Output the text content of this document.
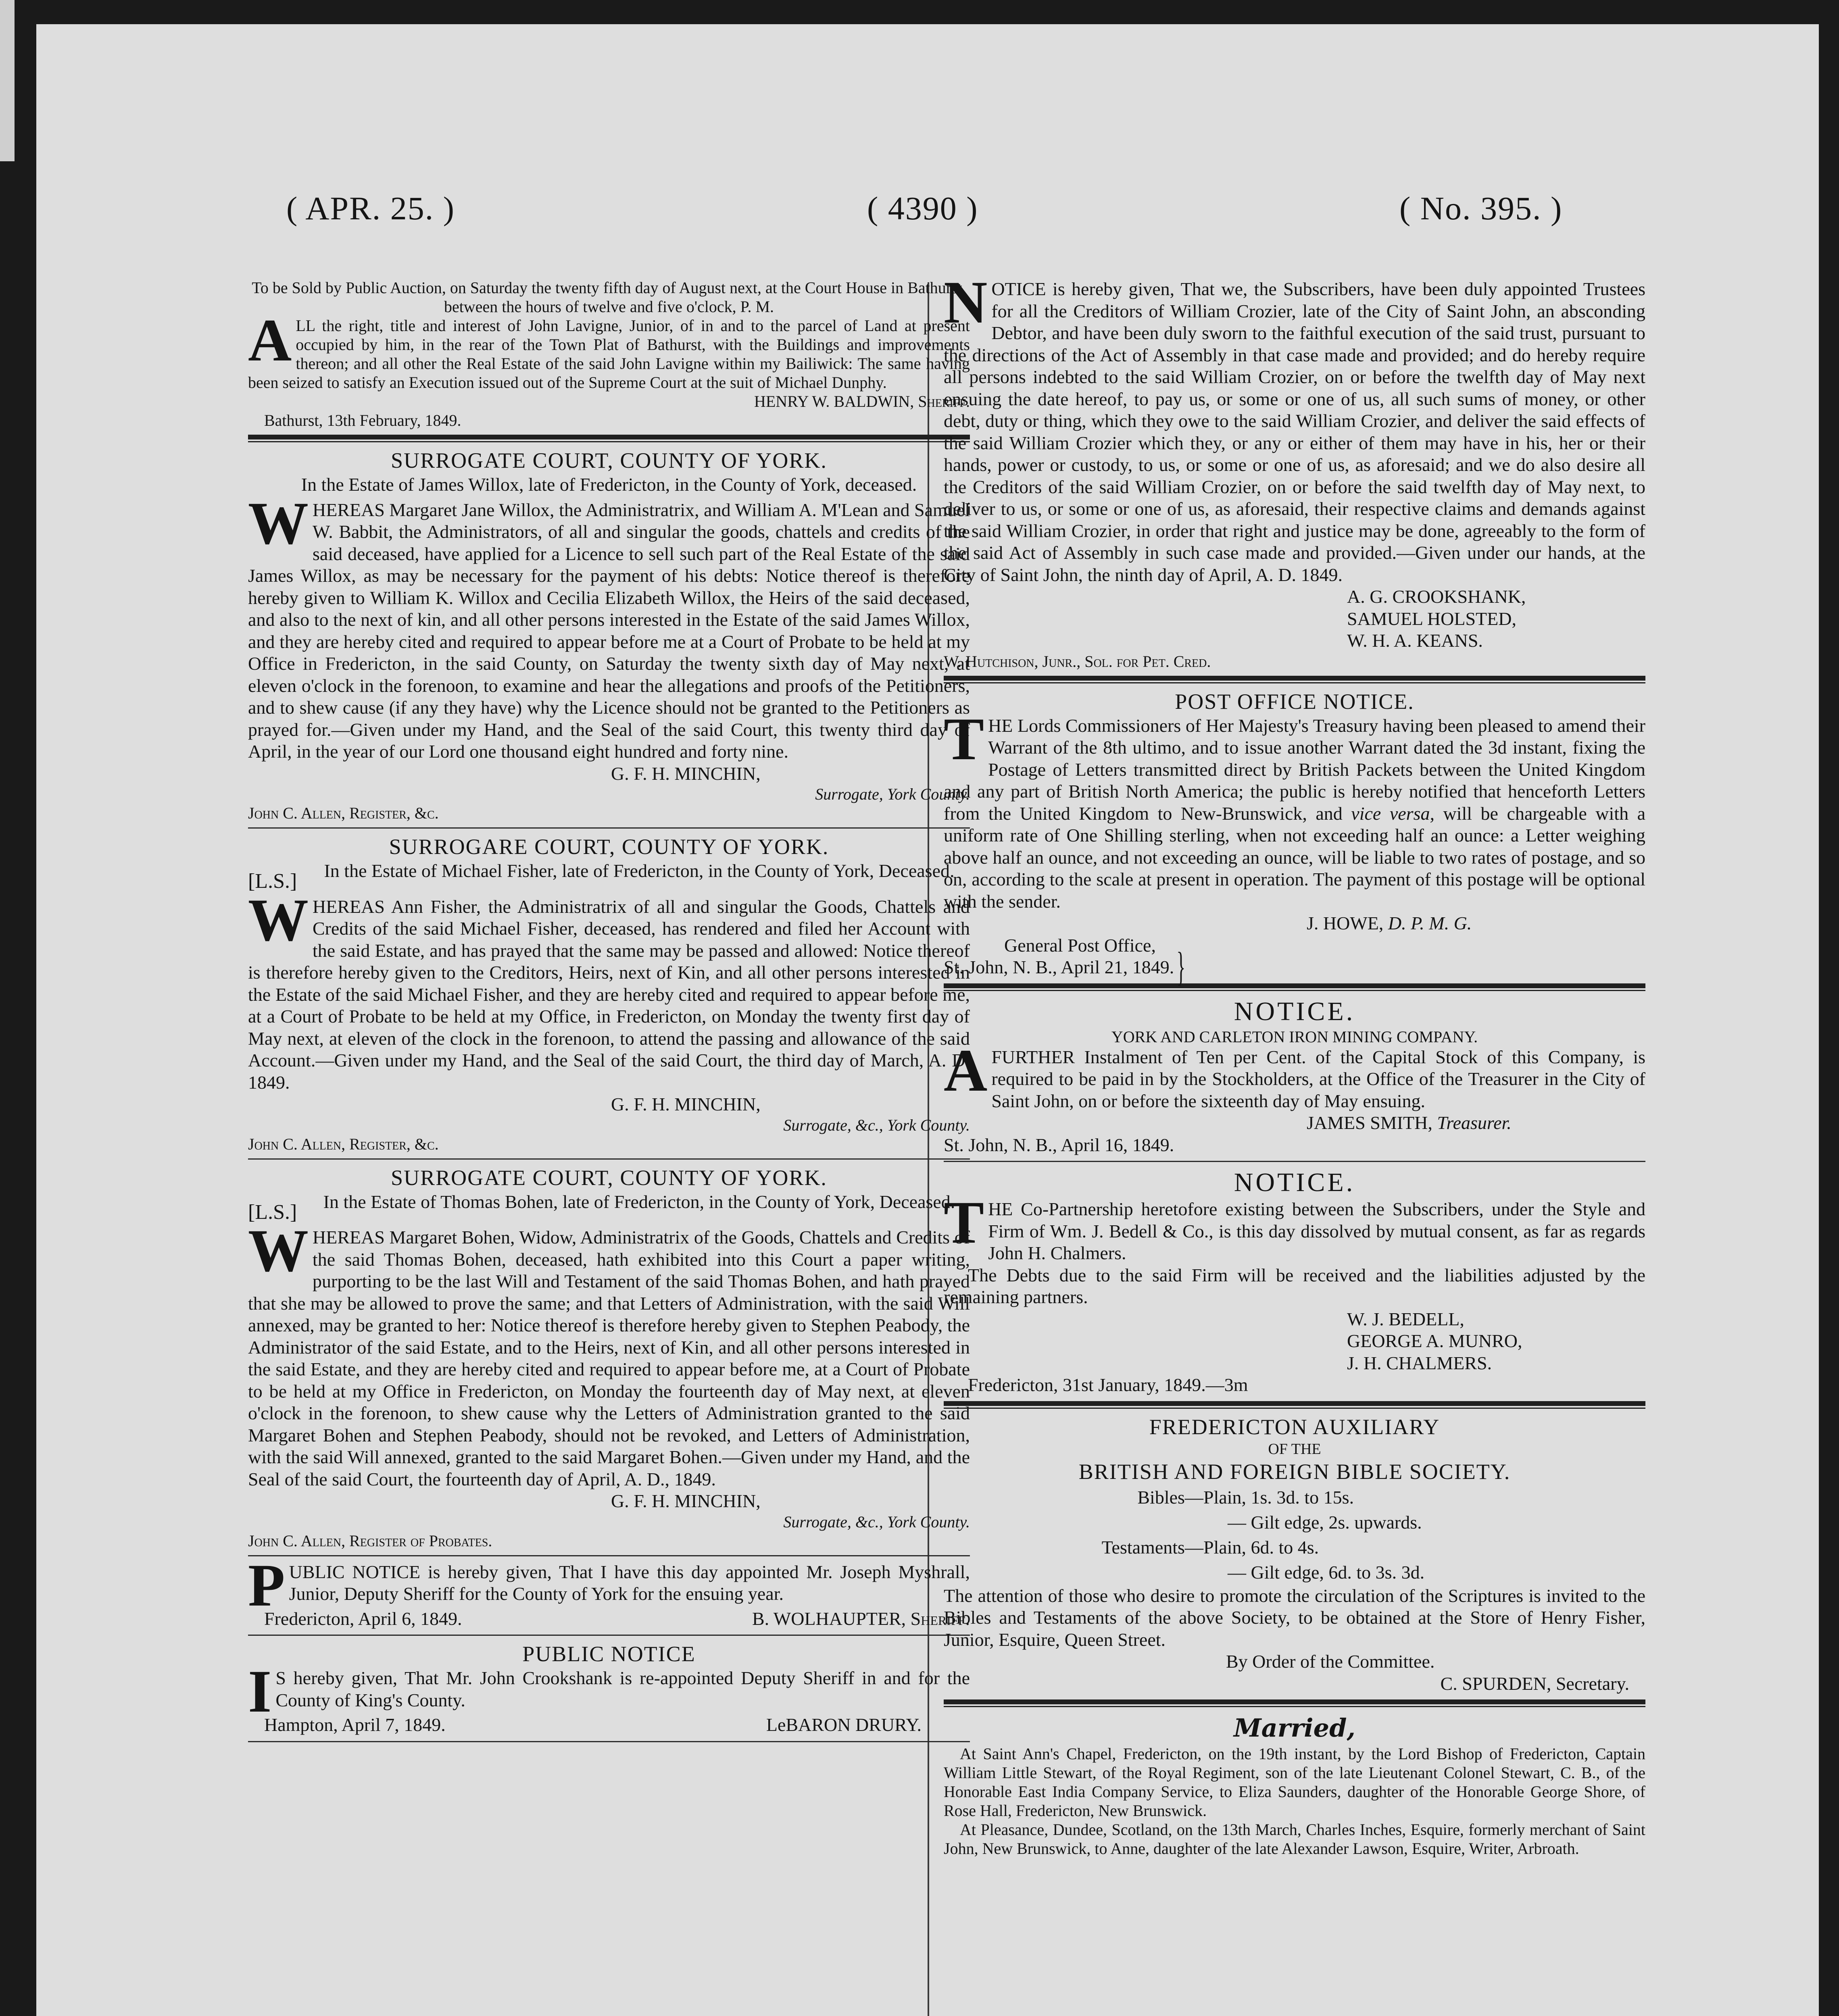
( APR. 25. )	( 4390 )	( No. 395. )

To be Sold by Public Auction, on Saturday the twenty fifth day of August next, at the Court House in Bathurst, between the hours of twelve and five o'clock, P. M.

ALL the right, title and interest of John Lavigne, Junior, of in and to the parcel of Land at present occupied by him, in the rear of the Town Plat of Bathurst, with the Buildings and improvements thereon; and all other the Real Estate of the said John Lavigne within my Bailiwick: The same having been seized to satisfy an Execution issued out of the Supreme Court at the suit of Michael Dunphy.

HENRY W. BALDWIN, Sheriff.

Bathurst, 13th February, 1849.

SURROGATE COURT, COUNTY OF YORK.

In the Estate of James Willox, late of Fredericton, in the County of York, deceased.

WHEREAS Margaret Jane Willox, the Administratrix, and William A. M'Lean and Samuel W. Babbit, the Administrators, of all and singular the goods, chattels and credits of the said deceased, have applied for a Licence to sell such part of the Real Estate of the said James Willox, as may be necessary for the payment of his debts: Notice thereof is therefore hereby given to William K. Willox and Cecilia Elizabeth Willox, the Heirs of the said deceased, and also to the next of kin, and all other persons interested in the Estate of the said James Willox, and they are hereby cited and required to appear before me at a Court of Probate to be held at my Office in Fredericton, in the said County, on Saturday the twenty sixth day of May next, at eleven o'clock in the forenoon, to examine and hear the allegations and proofs of the Petitioners, and to shew cause (if any they have) why the Licence should not be granted to the Petitioners as prayed for.—Given under my Hand, and the Seal of the said Court, this twenty third day of April, in the year of our Lord one thousand eight hundred and forty nine.

G. F. H. MINCHIN,

Surrogate, York County.

John C. Allen, Register, &c.

SURROGARE COURT, COUNTY OF YORK.

[L.S.]	In the Estate of Michael Fisher, late of Fredericton, in the County of York, Deceased.

WHEREAS Ann Fisher, the Administratrix of all and singular the Goods, Chattels and Credits of the said Michael Fisher, deceased, has rendered and filed her Account with the said Estate, and has prayed that the same may be passed and allowed: Notice thereof is therefore hereby given to the Creditors, Heirs, next of Kin, and all other persons interested in the Estate of the said Michael Fisher, and they are hereby cited and required to appear before me, at a Court of Probate to be held at my Office, in Fredericton, on Monday the twenty first day of May next, at eleven of the clock in the forenoon, to attend the passing and allowance of the said Account.—Given under my Hand, and the Seal of the said Court, the third day of March, A. D. 1849.

G. F. H. MINCHIN,

Surrogate, &c., York County.

John C. Allen, Register, &c.

SURROGATE COURT, COUNTY OF YORK.

[L.S.]	In the Estate of Thomas Bohen, late of Fredericton, in the County of York, Deceased.

WHEREAS Margaret Bohen, Widow, Administratrix of the Goods, Chattels and Credits of the said Thomas Bohen, deceased, hath exhibited into this Court a paper writing, purporting to be the last Will and Testament of the said Thomas Bohen, and hath prayed that she may be allowed to prove the same; and that Letters of Administration, with the said Will annexed, may be granted to her: Notice thereof is therefore hereby given to Stephen Peabody, the Administrator of the said Estate, and to the Heirs, next of Kin, and all other persons interested in the said Estate, and they are hereby cited and required to appear before me, at a Court of Probate to be held at my Office in Fredericton, on Monday the fourteenth day of May next, at eleven o'clock in the forenoon, to shew cause why the Letters of Administration granted to the said Margaret Bohen and Stephen Peabody, should not be revoked, and Letters of Administration, with the said Will annexed, granted to the said Margaret Bohen.—Given under my Hand, and the Seal of the said Court, the fourteenth day of April, A. D., 1849.

G. F. H. MINCHIN,

Surrogate, &c., York County.

John C. Allen, Register of Probates.

PUBLIC NOTICE is hereby given, That I have this day appointed Mr. Joseph Myshrall, Junior, Deputy Sheriff for the County of York for the ensuing year.

Fredericton, April 6, 1849.	B. WOLHAUPTER, Sheriff.

PUBLIC NOTICE

I S hereby given, That Mr. John Crookshank is re-appointed Deputy Sheriff in and for the County of King's County.

Hampton, April 7, 1849.	LeBARON DRURY.

NOTICE is hereby given, That we, the Subscribers, have been duly appointed Trustees for all the Creditors of William Crozier, late of the City of Saint John, an absconding Debtor, and have been duly sworn to the faithful execution of the said trust, pursuant to the directions of the Act of Assembly in that case made and provided; and do hereby require all persons indebted to the said William Crozier, on or before the twelfth day of May next ensuing the date hereof, to pay us, or some or one of us, all such sums of money, or other debt, duty or thing, which they owe to the said William Crozier, and deliver the said effects of the said William Crozier which they, or any or either of them may have in his, her or their hands, power or custody, to us, or some or one of us, as aforesaid; and we do also desire all the Creditors of the said William Crozier, on or before the said twelfth day of May next, to deliver to us, or some or one of us, as aforesaid, their respective claims and demands against the said William Crozier, in order that right and justice may be done, agreeably to the form of the said Act of Assembly in such case made and provided.—Given under our hands, at the City of Saint John, the ninth day of April, A. D. 1849.

A. G. CROOKSHANK,

SAMUEL HOLSTED,

W. H. A. KEANS.

W. Hutchison, Junr., Sol. for Pet. Cred.

POST OFFICE NOTICE.

THE Lords Commissioners of Her Majesty's Treasury having been pleased to amend their Warrant of the 8th ultimo, and to issue another Warrant dated the 3d instant, fixing the Postage of Letters transmitted direct by British Packets between the United Kingdom and any part of British North America; the public is hereby notified that henceforth Letters from the United Kingdom to New-Brunswick, and vice versa, will be chargeable with a uniform rate of One Shilling sterling, when not exceeding half an ounce: a Letter weighing above half an ounce, and not exceeding an ounce, will be liable to two rates of postage, and so on, according to the scale at present in operation. The payment of this postage will be optional with the sender.

J. HOWE, D. P. M. G.

General Post Office,

St. John, N. B., April 21, 1849. }

NOTICE.

YORK AND CARLETON IRON MINING COMPANY.

AFURTHER Instalment of Ten per Cent. of the Capital Stock of this Company, is required to be paid in by the Stockholders, at the Office of the Treasurer in the City of Saint John, on or before the sixteenth day of May ensuing.

JAMES SMITH, Treasurer.

St. John, N. B., April 16, 1849.

NOTICE.

THE Co-Partnership heretofore existing between the Subscribers, under the Style and Firm of Wm. J. Bedell & Co., is this day dissolved by mutual consent, as far as regards John H. Chalmers.

The Debts due to the said Firm will be received and the liabilities adjusted by the remaining partners.

W. J. BEDELL,

GEORGE A. MUNRO,

J. H. CHALMERS.

Fredericton, 31st January, 1849.—3m

FREDERICTON AUXILIARY

OF THE

BRITISH AND FOREIGN BIBLE SOCIETY.

Bibles—Plain, 1s. 3d. to 15s.

— Gilt edge, 2s. upwards.

Testaments—Plain, 6d. to 4s.

— Gilt edge, 6d. to 3s. 3d.

The attention of those who desire to promote the circulation of the Scriptures is invited to the Bibles and Testaments of the above Society, to be obtained at the Store of Henry Fisher, Junior, Esquire, Queen Street.

By Order of the Committee.

C. SPURDEN, Secretary.

Married,

At Saint Ann's Chapel, Fredericton, on the 19th instant, by the Lord Bishop of Fredericton, Captain William Little Stewart, of the Royal Regiment, son of the late Lieutenant Colonel Stewart, C. B., of the Honorable East India Company Service, to Eliza Saunders, daughter of the Honorable George Shore, of Rose Hall, Fredericton, New Brunswick.

At Pleasance, Dundee, Scotland, on the 13th March, Charles Inches, Esquire, formerly merchant of Saint John, New Brunswick, to Anne, daughter of the late Alexander Lawson, Esquire, Writer, Arbroath.
